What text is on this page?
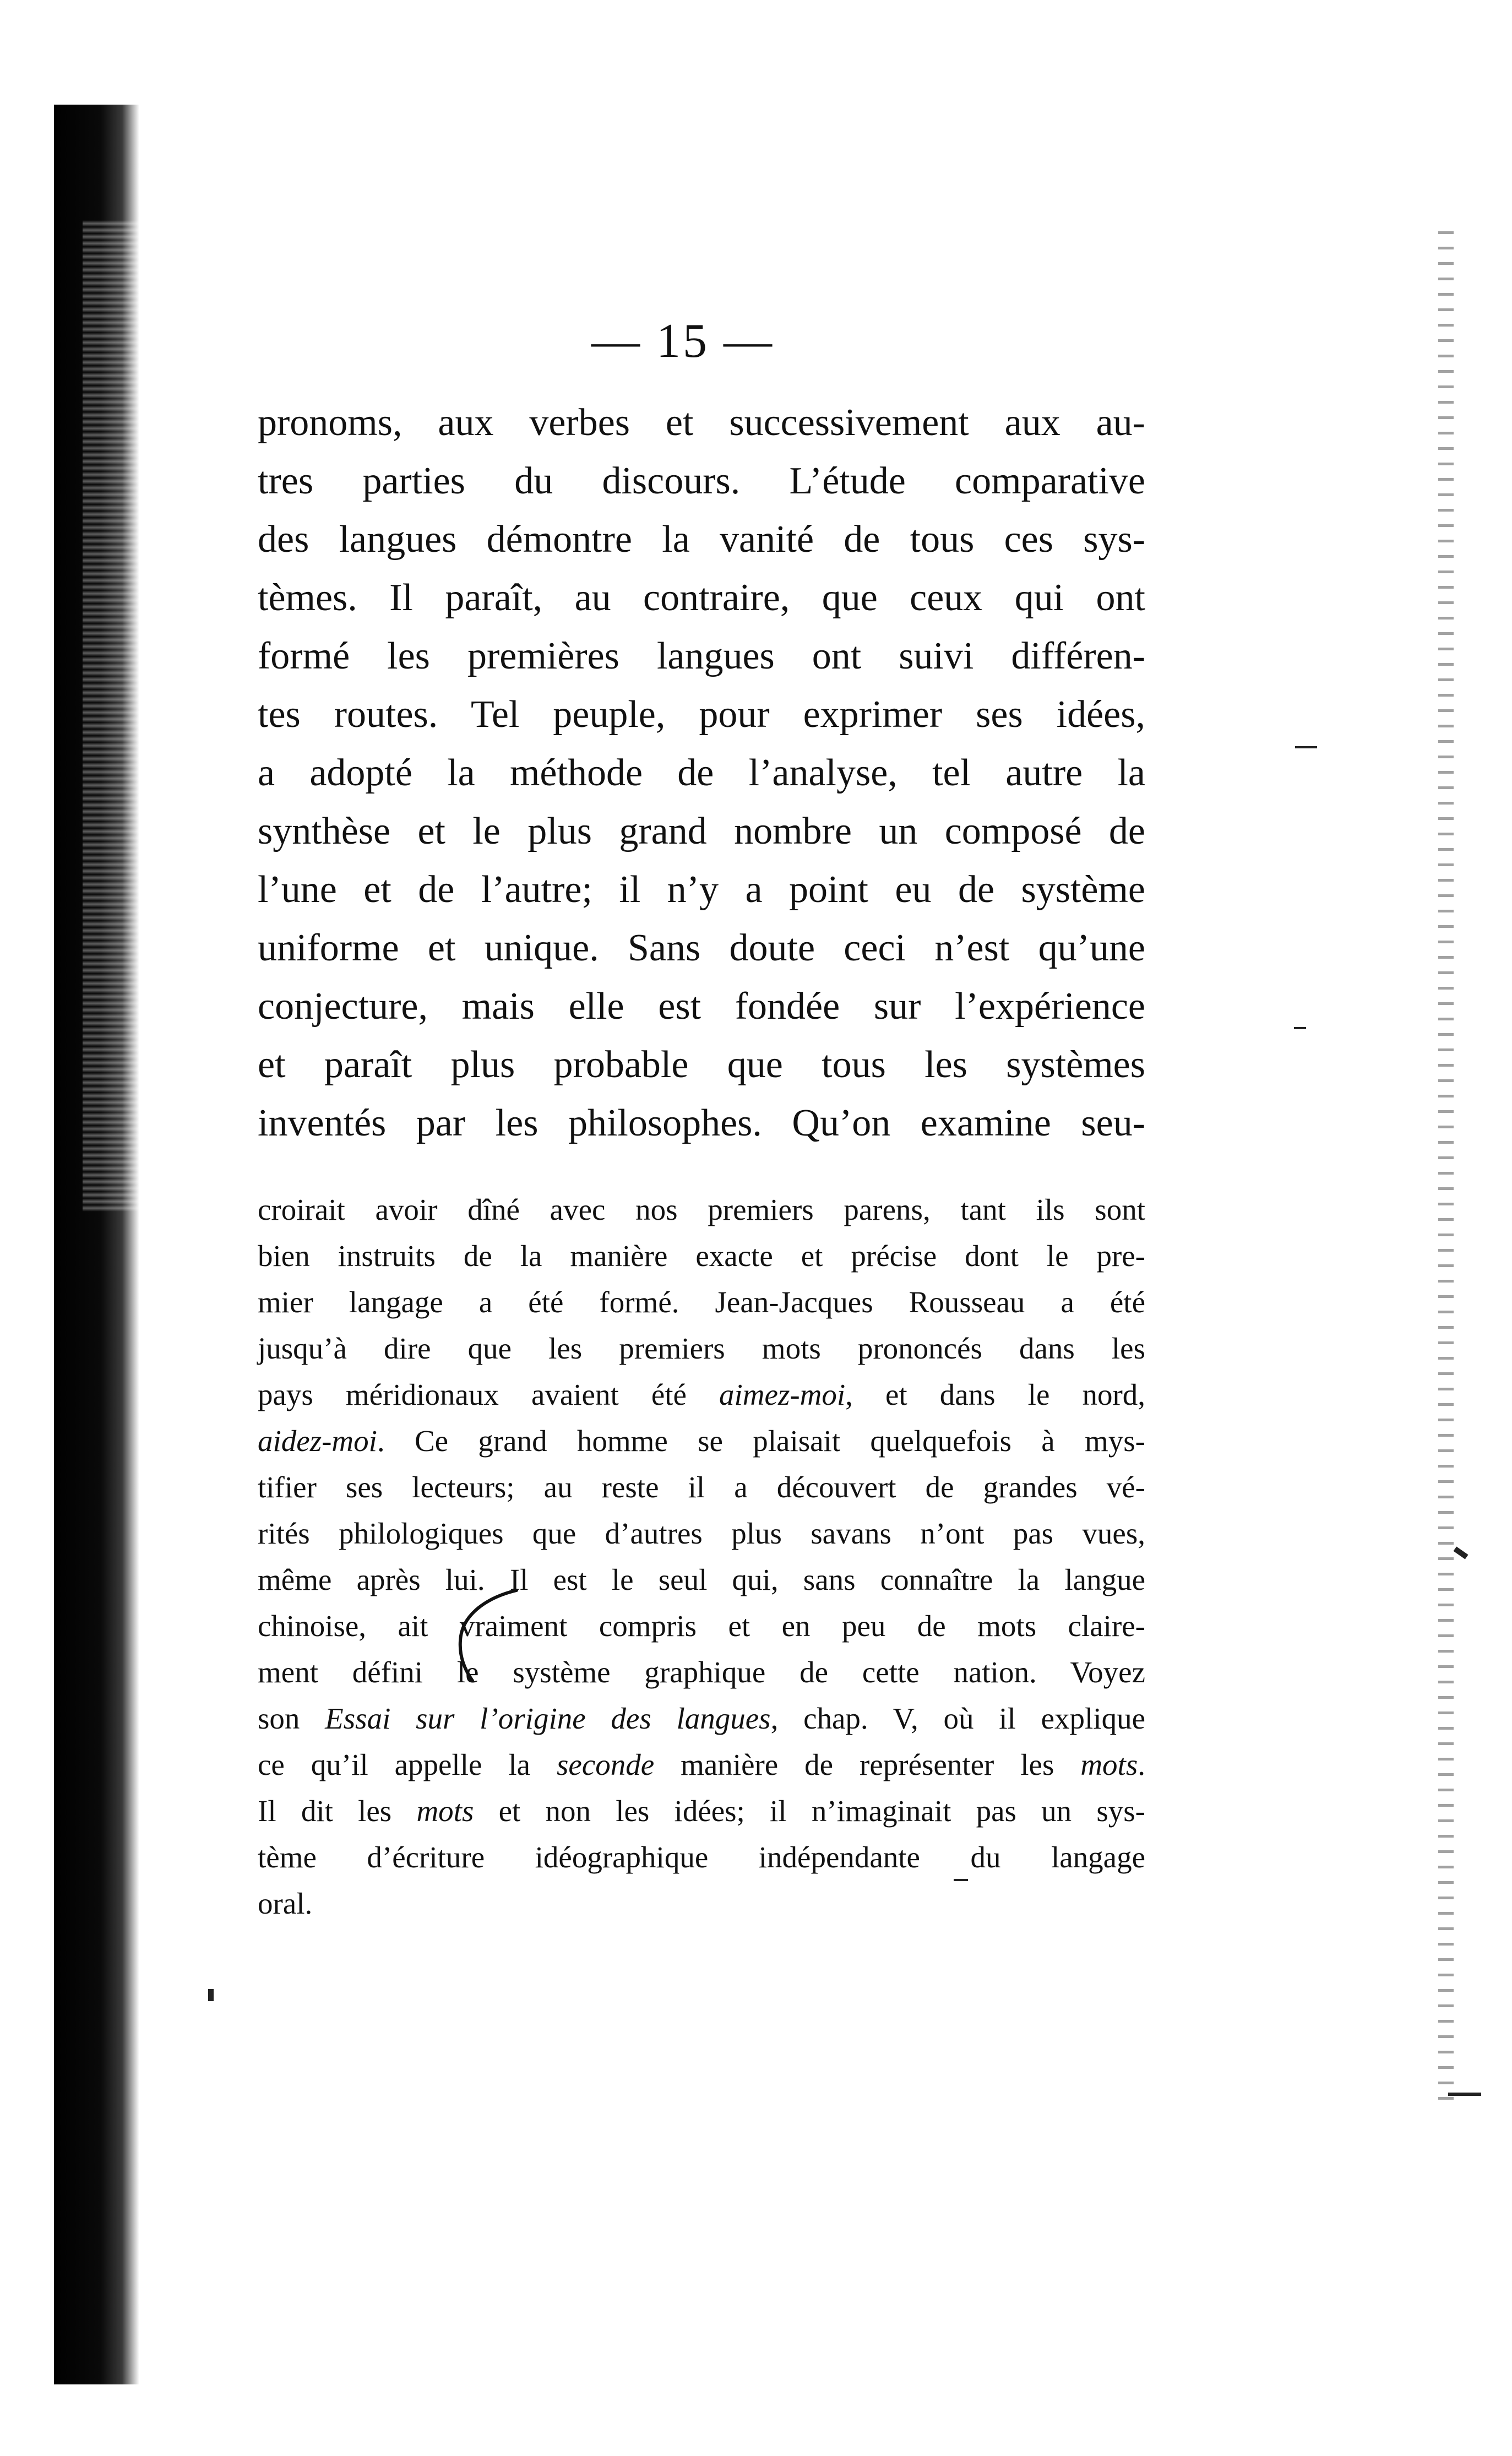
— 15 —
pronoms, aux verbes et successivement aux au-
tres parties du discours. L’étude comparative
des langues démontre la vanité de tous ces sys-
tèmes. Il paraît, au contraire, que ceux qui ont
formé les premières langues ont suivi différen-
tes routes. Tel peuple, pour exprimer ses idées,
a adopté la méthode de l’analyse, tel autre la
synthèse et le plus grand nombre un composé de
l’une et de l’autre; il n’y a point eu de système
uniforme et unique. Sans doute ceci n’est qu’une
conjecture, mais elle est fondée sur l’expérience
et paraît plus probable que tous les systèmes
inventés par les philosophes. Qu’on examine seu-
croirait avoir dîné avec nos premiers parens, tant ils sont
bien instruits de la manière exacte et précise dont le pre-
mier langage a été formé. Jean-Jacques Rousseau a été
jusqu’à dire que les premiers mots prononcés dans les
pays méridionaux avaient été aimez-moi, et dans le nord,
aidez-moi. Ce grand homme se plaisait quelquefois à mys-
tifier ses lecteurs; au reste il a découvert de grandes vé-
rités philologiques que d’autres plus savans n’ont pas vues,
même après lui. Il est le seul qui, sans connaître la langue
chinoise, ait vraiment compris et en peu de mots claire-
ment défini le système graphique de cette nation. Voyez
son Essai sur l’origine des langues, chap. V, où il explique
ce qu’il appelle la seconde manière de représenter les mots.
Il dit les mots et non les idées; il n’imaginait pas un sys-
tème d’écriture idéographique indépendante du langage
oral.
